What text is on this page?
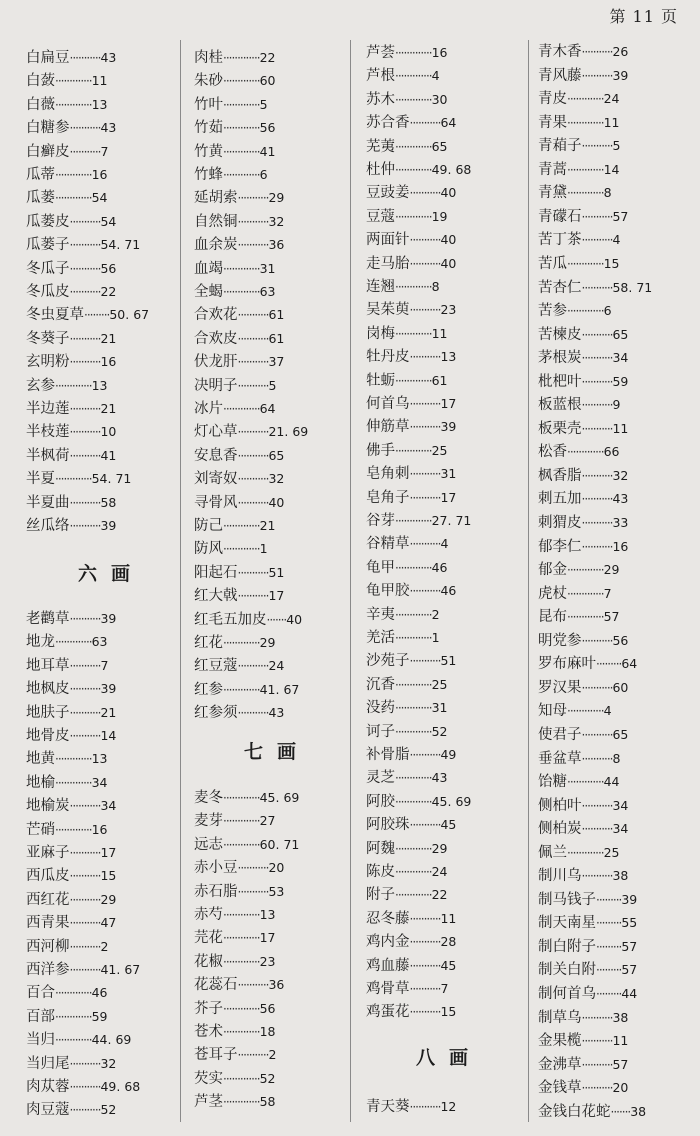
第 11 页
白扁豆···········43
白蔹·············11
白薇·············13
白糖参···········43
白癣皮···········7
瓜蒂·············16
瓜蒌·············54
瓜蒌皮···········54
瓜蒌子···········54. 71
冬瓜子···········56
冬瓜皮···········22
冬虫夏草·········50. 67
冬葵子···········21
玄明粉···········16
玄参·············13
半边莲···········21
半枝莲···········10
半枫荷···········41
半夏·············54. 71
半夏曲···········58
丝瓜络···········39
六画
老鹳草···········39
地龙·············63
地耳草···········7
地枫皮···········39
地肤子···········21
地骨皮···········14
地黄·············13
地榆·············34
地榆炭···········34
芒硝·············16
亚麻子···········17
西瓜皮···········15
西红花···········29
西青果···········47
西河柳···········2
西洋参···········41. 67
百合·············46
百部·············59
当归·············44. 69
当归尾···········32
肉苁蓉···········49. 68
肉豆蔻···········52
肉桂·············22
朱砂·············60
竹叶·············5
竹茹·············56
竹黄·············41
竹蜂·············6
延胡索···········29
自然铜···········32
血余炭···········36
血竭·············31
全蝎·············63
合欢花···········61
合欢皮···········61
伏龙肝···········37
决明子···········5
冰片·············64
灯心草···········21. 69
安息香···········65
刘寄奴···········32
寻骨风···········40
防己·············21
防风·············1
阳起石···········51
红大戟···········17
红毛五加皮·······40
红花·············29
红豆蔻···········24
红参·············41. 67
红参须···········43
七画
麦冬·············45. 69
麦芽·············27
远志·············60. 71
赤小豆···········20
赤石脂···········53
赤芍·············13
芫花·············17
花椒·············23
花蕊石···········36
芥子·············56
苍术·············18
苍耳子···········2
芡实·············52
芦茎·············58
芦荟·············16
芦根·············4
苏木·············30
苏合香···········64
芜荑·············65
杜仲·············49. 68
豆豉姜···········40
豆蔻·············19
两面针···········40
走马胎···········40
连翘·············8
吴茱萸···········23
岗梅·············11
牡丹皮···········13
牡蛎·············61
何首乌···········17
伸筋草···········39
佛手·············25
皂角刺···········31
皂角子···········17
谷芽·············27. 71
谷精草···········4
龟甲·············46
龟甲胶···········46
辛夷·············2
羌活·············1
沙苑子···········51
沉香·············25
没药·············31
诃子·············52
补骨脂···········49
灵芝·············43
阿胶·············45. 69
阿胶珠···········45
阿魏·············29
陈皮·············24
附子·············22
忍冬藤···········11
鸡内金···········28
鸡血藤···········45
鸡骨草···········7
鸡蛋花···········15
八画
青天葵···········12
青木香···········26
青风藤···········39
青皮·············24
青果·············11
青葙子···········5
青蒿·············14
青黛·············8
青礞石···········57
苦丁茶···········4
苦瓜·············15
苦杏仁···········58. 71
苦参·············6
苦楝皮···········65
茅根炭···········34
枇杷叶···········59
板蓝根···········9
板栗壳···········11
松香·············66
枫香脂···········32
刺五加···········43
刺猬皮···········33
郁李仁···········16
郁金·············29
虎杖·············7
昆布·············57
明党参···········56
罗布麻叶·········64
罗汉果···········60
知母·············4
使君子···········65
垂盆草···········8
饴糖·············44
侧柏叶···········34
侧柏炭···········34
佩兰·············25
制川乌···········38
制马钱子·········39
制天南星·········55
制白附子·········57
制关白附·········57
制何首乌·········44
制草乌···········38
金果榄···········11
金沸草···········57
金钱草···········20
金钱白花蛇·······38
